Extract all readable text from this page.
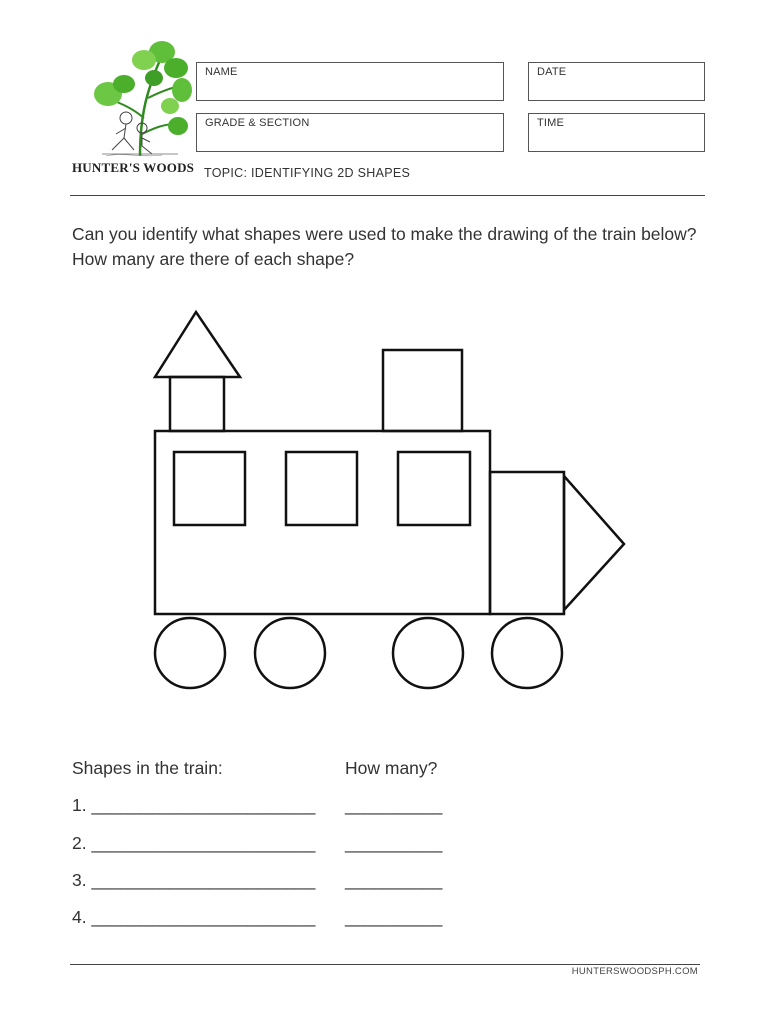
HUNTER'S WOODS
NAME	DATE
GRADE & SECTION	TIME
TOPIC: IDENTIFYING 2D SHAPES

Can you identify what shapes were used to make the drawing of the train below?

How many are there of each shape?

Shapes in the train:	How many?
1. _______________________ __________
2. _______________________ __________
3. _______________________ __________
4. _______________________ __________
HUNTERSWOODSPH.COM
